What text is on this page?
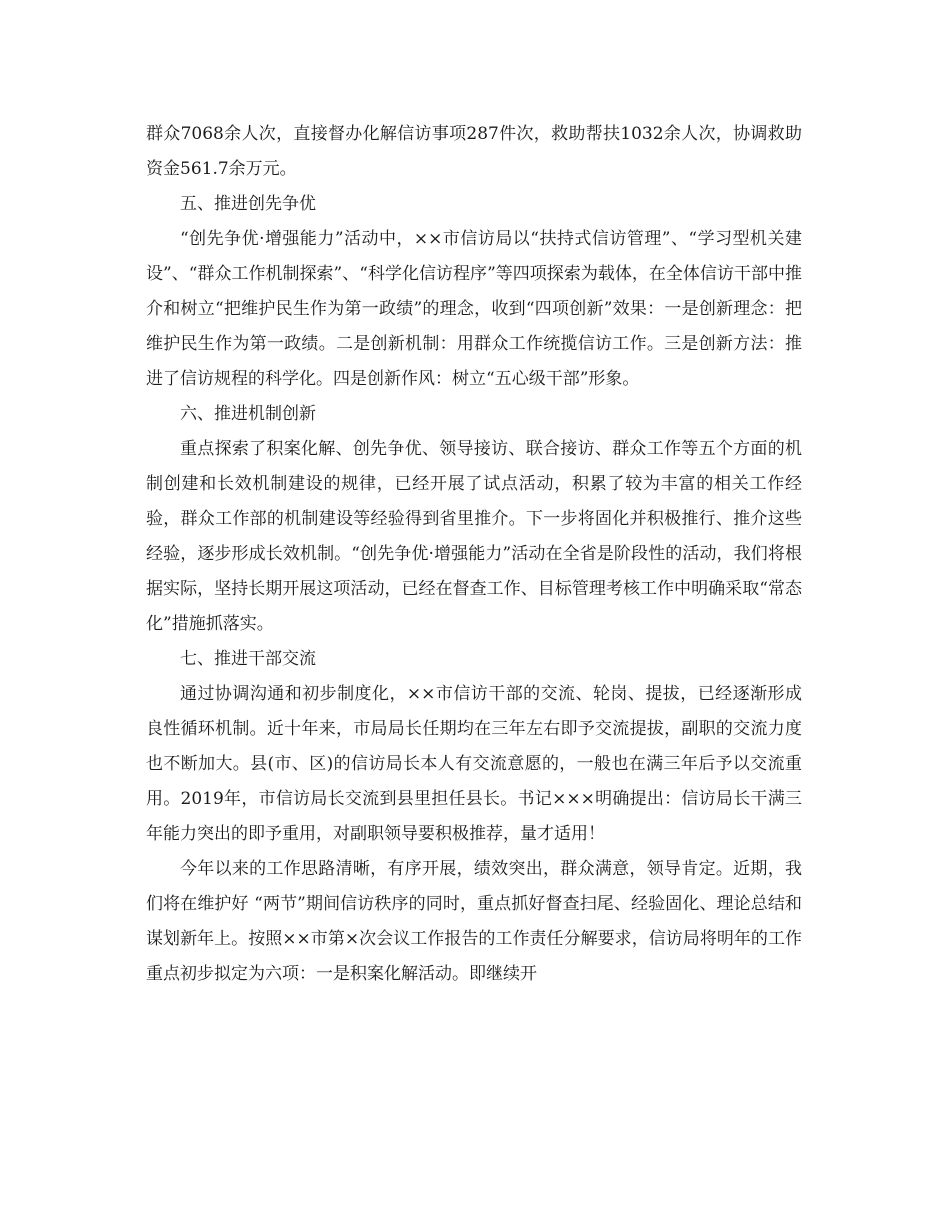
群众7068余人次，直接督办化解信访事项287件次，救助帮扶1032余人次，协调救助资金561.7余万元。

五、推进创先争优

“创先争优·增强能力”活动中，××市信访局以“扶持式信访管理”、“学习型机关建设”、“群众工作机制探索”、“科学化信访程序”等四项探索为载体，在全体信访干部中推介和树立“把维护民生作为第一政绩”的理念，收到“四项创新”效果：一是创新理念：把维护民生作为第一政绩。二是创新机制：用群众工作统揽信访工作。三是创新方法：推进了信访规程的科学化。四是创新作风：树立“五心级干部”形象。

六、推进机制创新

重点探索了积案化解、创先争优、领导接访、联合接访、群众工作等五个方面的机制创建和长效机制建设的规律，已经开展了试点活动，积累了较为丰富的相关工作经验，群众工作部的机制建设等经验得到省里推介。下一步将固化并积极推行、推介这些经验，逐步形成长效机制。“创先争优·增强能力”活动在全省是阶段性的活动，我们将根据实际，坚持长期开展这项活动，已经在督查工作、目标管理考核工作中明确采取“常态化”措施抓落实。

七、推进干部交流

通过协调沟通和初步制度化，××市信访干部的交流、轮岗、提拔，已经逐渐形成良性循环机制。近十年来，市局局长任期均在三年左右即予交流提拔，副职的交流力度也不断加大。县(市、区)的信访局长本人有交流意愿的，一般也在满三年后予以交流重用。2019年，市信访局长交流到县里担任县长。书记×××明确提出：信访局长干满三年能力突出的即予重用，对副职领导要积极推荐，量才适用！

今年以来的工作思路清晰，有序开展，绩效突出，群众满意，领导肯定。近期，我们将在维护好 “两节”期间信访秩序的同时，重点抓好督查扫尾、经验固化、理论总结和谋划新年上。按照××市第×次会议工作报告的工作责任分解要求，信访局将明年的工作重点初步拟定为六项：一是积案化解活动。即继续开
